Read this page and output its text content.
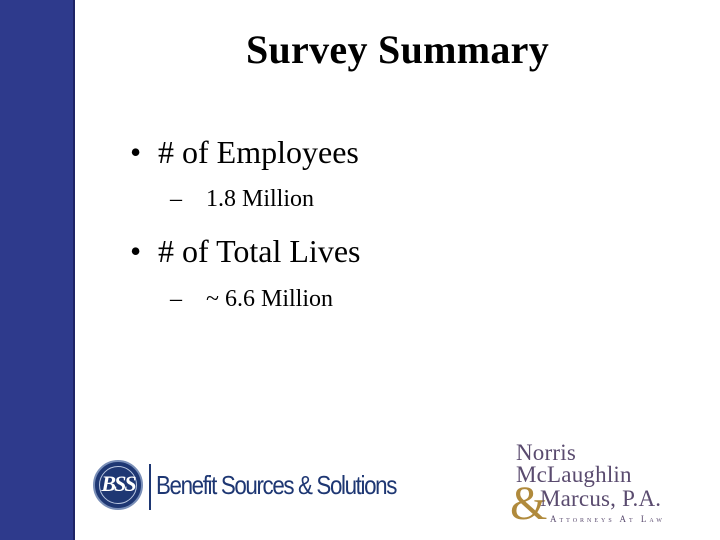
Survey Summary
• # of Employees
– 1.8 Million
• # of Total Lives
– ~ 6.6 Million
BSS Benefit Sources & Solutions
Norris
McLaughlin
&
Marcus, P.A.
Attorneys At Law
